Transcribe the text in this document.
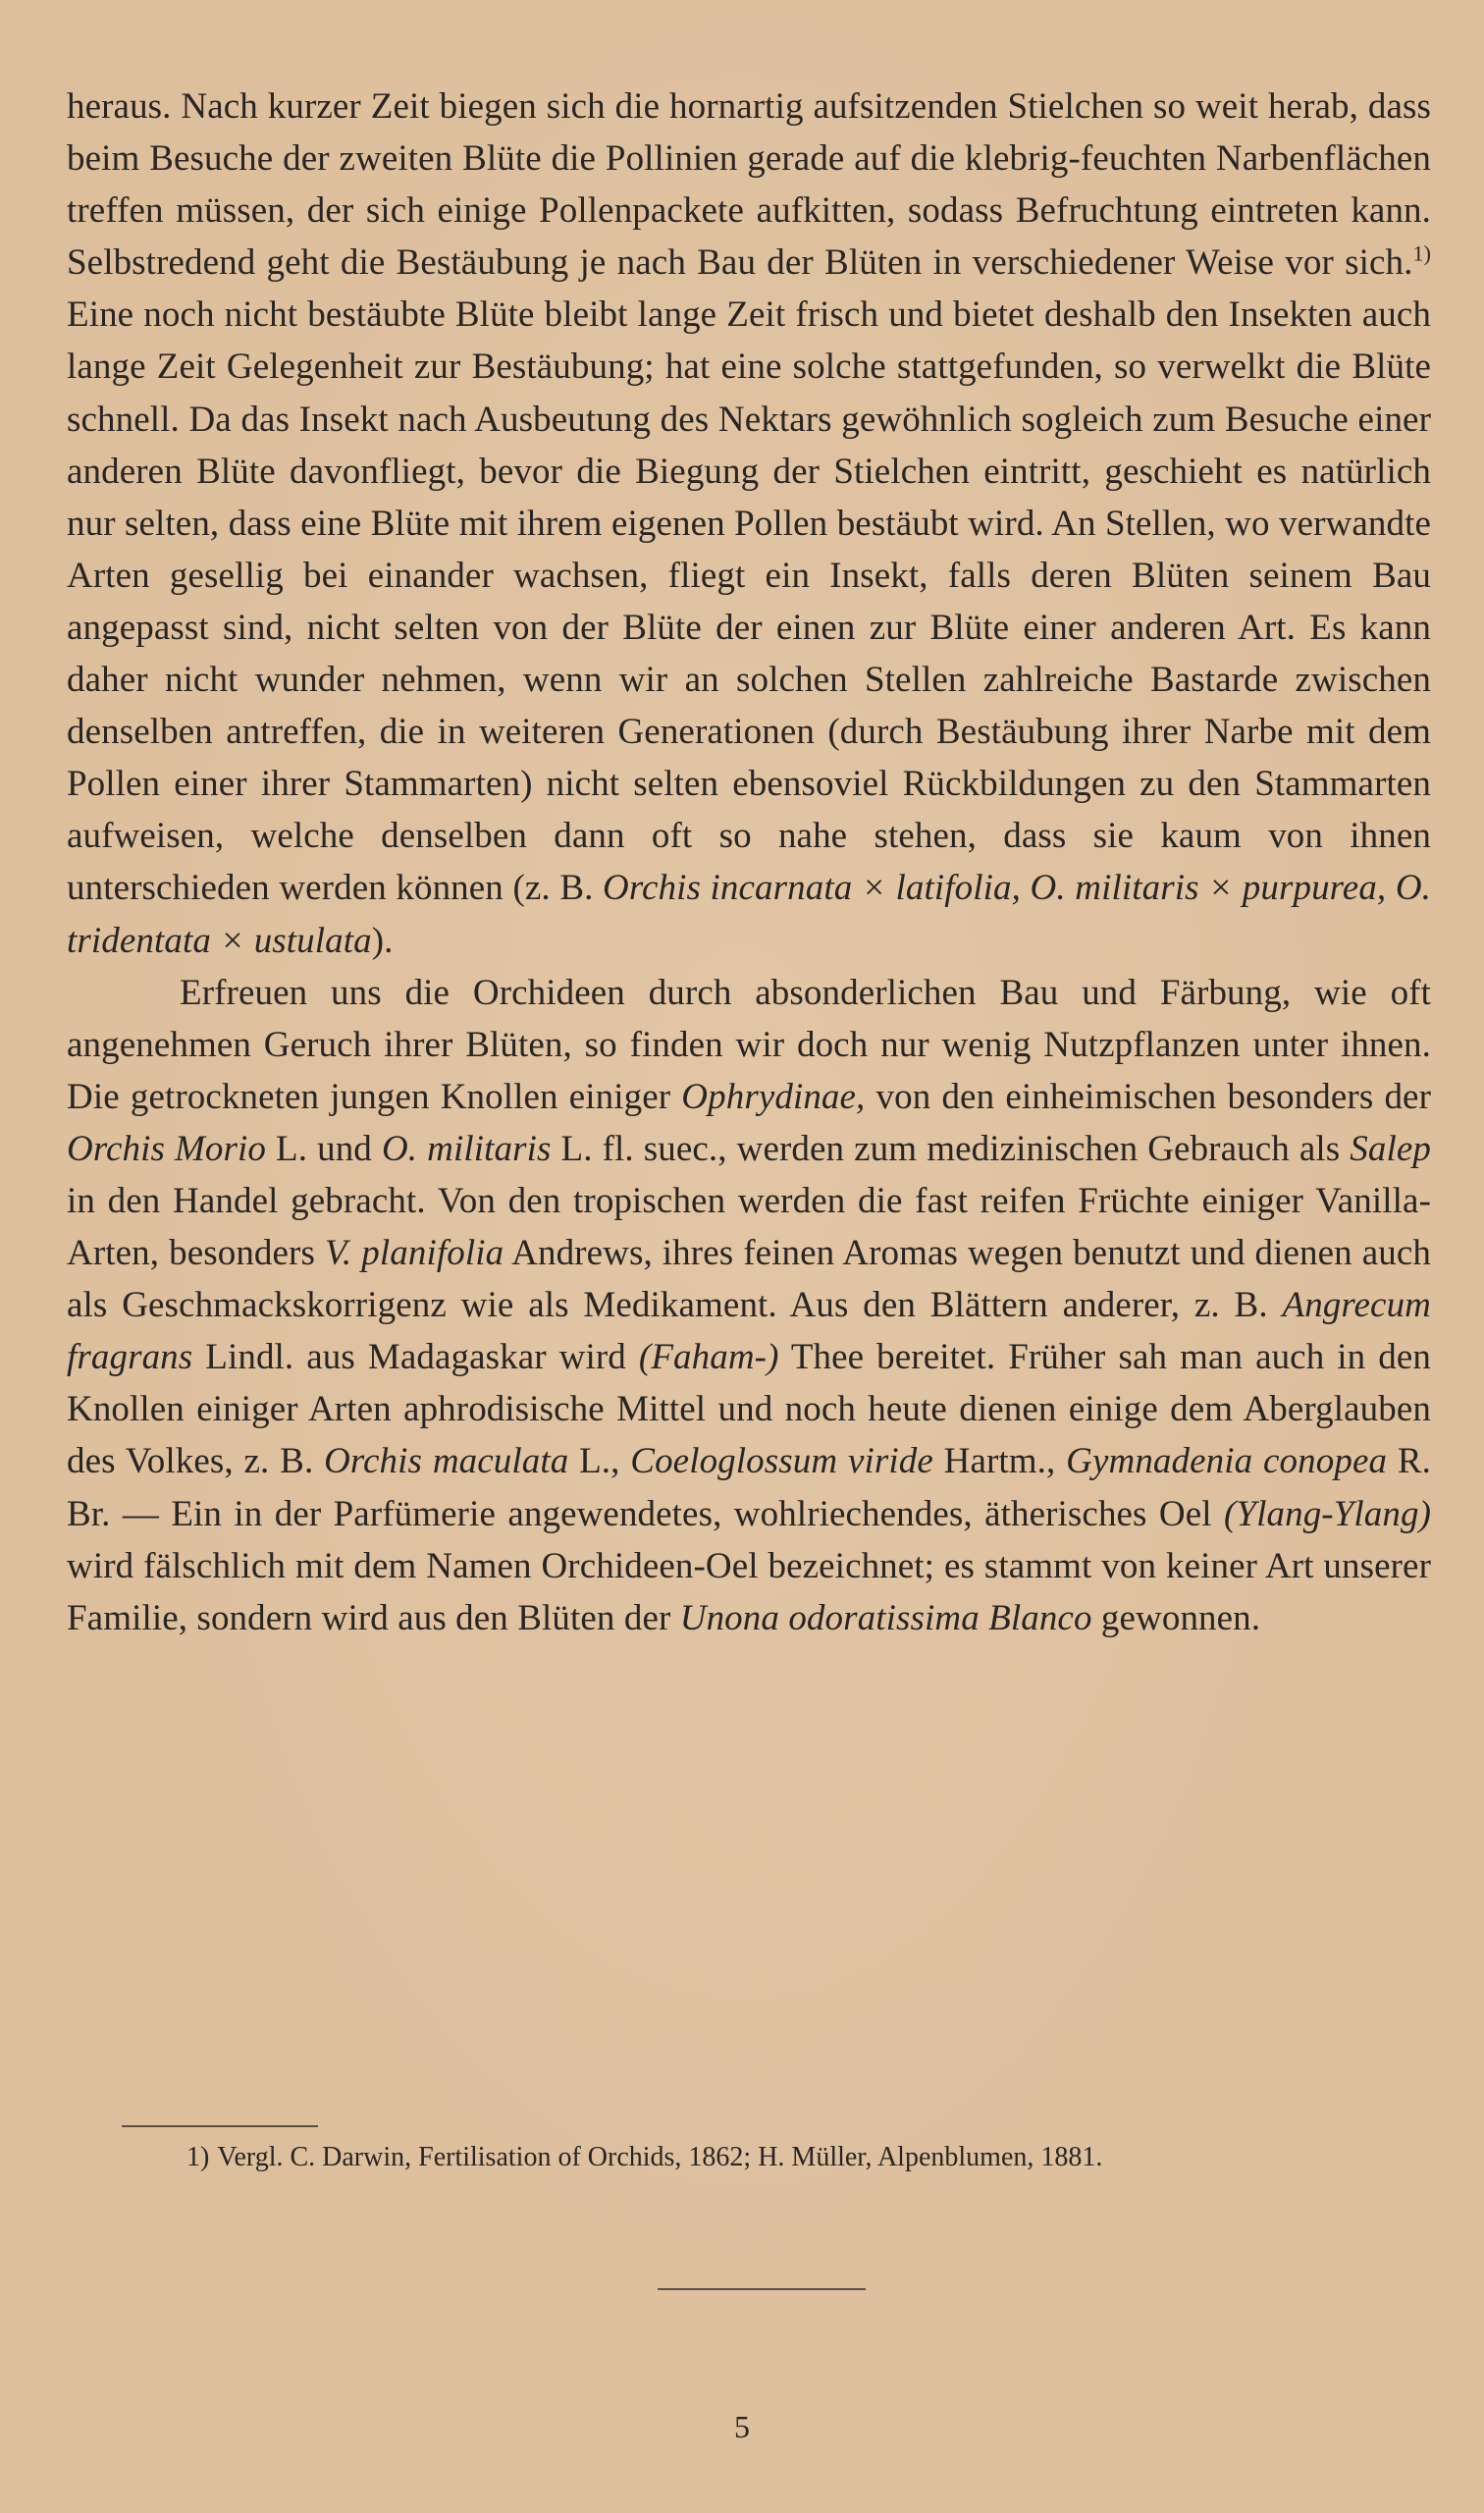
heraus. Nach kurzer Zeit biegen sich die hornartig aufsitzenden Stielchen so weit herab, dass beim Besuche der zweiten Blüte die Pollinien gerade auf die klebrig-feuchten Narbenflächen treffen müssen, der sich einige Pollenpackete aufkitten, sodass Befruchtung eintreten kann. Selbstredend geht die Bestäubung je nach Bau der Blüten in verschiedener Weise vor sich.$^{1)}$ Eine noch nicht bestäubte Blüte bleibt lange Zeit frisch und bietet deshalb den Insekten auch lange Zeit Gelegenheit zur Bestäubung; hat eine solche stattgefunden, so verwelkt die Blüte schnell. Da das Insekt nach Ausbeutung des Nektars gewöhnlich sogleich zum Besuche einer anderen Blüte davonfliegt, bevor die Biegung der Stielchen eintritt, geschieht es natürlich nur selten, dass eine Blüte mit ihrem eigenen Pollen bestäubt wird. An Stellen, wo verwandte Arten gesellig bei einander wachsen, fliegt ein Insekt, falls deren Blüten seinem Bau angepasst sind, nicht selten von der Blüte der einen zur Blüte einer anderen Art. Es kann daher nicht wunder nehmen, wenn wir an solchen Stellen zahlreiche Bastarde zwischen denselben antreffen, die in weiteren Generationen (durch Bestäubung ihrer Narbe mit dem Pollen einer ihrer Stammarten) nicht selten ebensoviel Rückbildungen zu den Stammarten aufweisen, welche denselben dann oft so nahe stehen, dass sie kaum von ihnen unterschieden werden können (z. B. Orchis incarnata × latifolia, O. militaris × purpurea, O. tridentata × ustulata).

Erfreuen uns die Orchideen durch absonderlichen Bau und Färbung, wie oft angenehmen Geruch ihrer Blüten, so finden wir doch nur wenig Nutzpflanzen unter ihnen. Die getrockneten jungen Knollen einiger Ophrydinae, von den einheimischen besonders der Orchis Morio L. und O. militaris L. fl. suec., werden zum medizinischen Gebrauch als Salep in den Handel gebracht. Von den tropischen werden die fast reifen Früchte einiger Vanilla-Arten, besonders V. planifolia Andrews, ihres feinen Aromas wegen benutzt und dienen auch als Geschmackskorrigenz wie als Medikament. Aus den Blättern anderer, z. B. Angrecum fragrans Lindl. aus Madagaskar wird (Faham-) Thee bereitet. Früher sah man auch in den Knollen einiger Arten aphrodisische Mittel und noch heute dienen einige dem Aberglauben des Volkes, z. B. Orchis maculata L., Coeloglossum viride Hartm., Gymnadenia conopea R. Br. — Ein in der Parfümerie angewendetes, wohlriechendes, ätherisches Oel (Ylang-Ylang) wird fälschlich mit dem Namen Orchideen-Oel bezeichnet; es stammt von keiner Art unserer Familie, sondern wird aus den Blüten der Unona odoratissima Blanco gewonnen.

1) Vergl. C. Darwin, Fertilisation of Orchids, 1862; H. Müller, Alpenblumen, 1881.
5
